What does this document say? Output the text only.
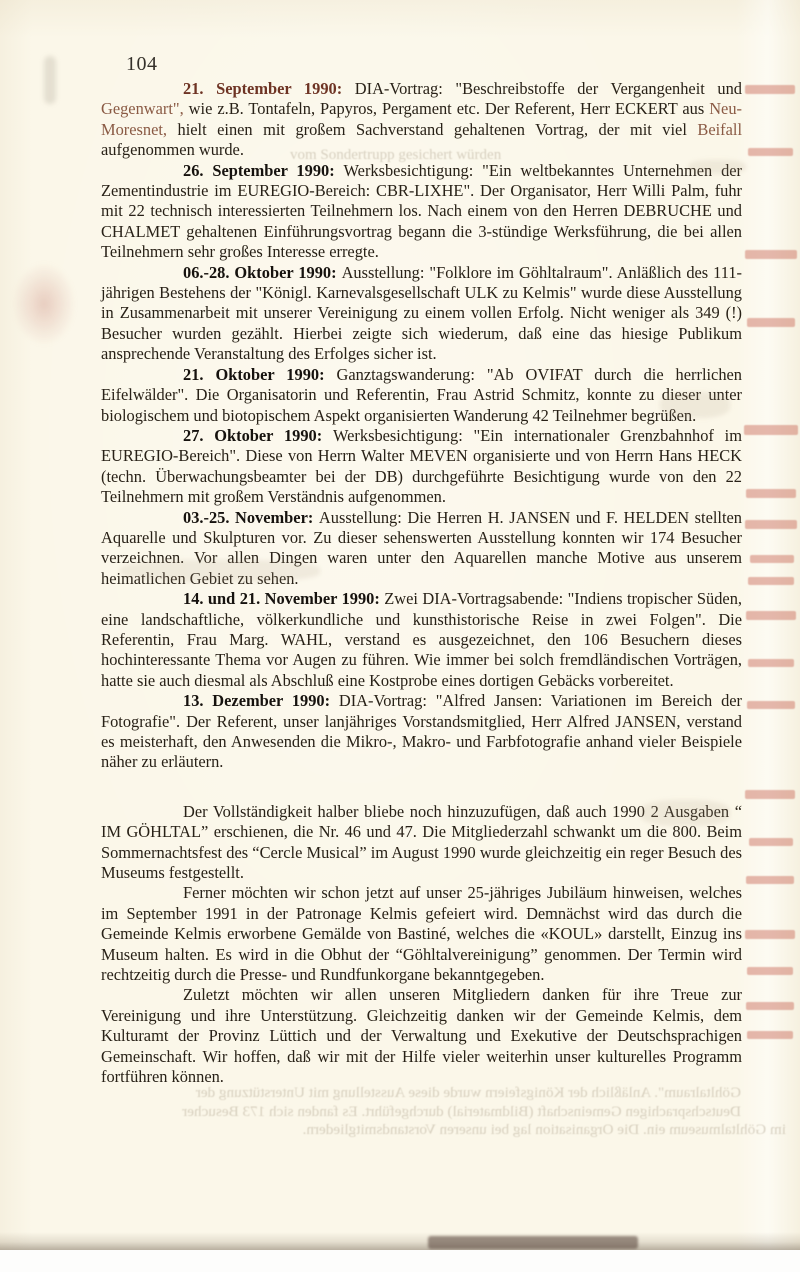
104

21. September 1990: DIA-Vortrag: "Beschreibstoffe der Vergangenheit und Gegenwart", wie z.B. Tontafeln, Papyros, Pergament etc. Der Referent, Herr ECKERT aus Neu-Moresnet, hielt einen mit großem Sachverstand gehaltenen Vortrag, der mit viel Beifall aufgenommen wurde.

26. September 1990: Werksbesichtigung: "Ein weltbekanntes Unternehmen der Zementindustrie im EUREGIO-Bereich: CBR-LIXHE". Der Organisator, Herr Willi Palm, fuhr mit 22 technisch interessierten Teilnehmern los. Nach einem von den Herren DEBRUCHE und CHALMET gehaltenen Einführungsvortrag begann die 3-stündige Werksführung, die bei allen Teilnehmern sehr großes Interesse erregte.

06.-28. Oktober 1990: Ausstellung: "Folklore im Göhltalraum". Anläßlich des 111-jährigen Bestehens der "Königl. Karnevalsgesellschaft ULK zu Kelmis" wurde diese Ausstellung in Zusammenarbeit mit unserer Vereinigung zu einem vollen Erfolg. Nicht weniger als 349 (!) Besucher wurden gezählt. Hierbei zeigte sich wiederum, daß eine das hiesige Publikum ansprechende Veranstaltung des Erfolges sicher ist.

21. Oktober 1990: Ganztagswanderung: "Ab OVIFAT durch die herrlichen Eifelwälder". Die Organisatorin und Referentin, Frau Astrid Schmitz, konnte zu dieser unter biologischem und biotopischem Aspekt organisierten Wanderung 42 Teilnehmer begrüßen.

27. Oktober 1990: Werksbesichtigung: "Ein internationaler Grenzbahnhof im EUREGIO-Bereich". Diese von Herrn Walter MEVEN organisierte und von Herrn Hans HECK (techn. Überwachungsbeamter bei der DB) durchgeführte Besichtigung wurde von den 22 Teilnehmern mit großem Verständnis aufgenommen.

03.-25. November: Ausstellung: Die Herren H. JANSEN und F. HELDEN stellten Aquarelle und Skulpturen vor. Zu dieser sehenswerten Ausstellung konnten wir 174 Besucher verzeichnen. Vor allen Dingen waren unter den Aquarellen manche Motive aus unserem heimatlichen Gebiet zu sehen.

14. und 21. November 1990: Zwei DIA-Vortragsabende: "Indiens tropischer Süden, eine landschaftliche, völkerkundliche und kunsthistorische Reise in zwei Folgen". Die Referentin, Frau Marg. WAHL, verstand es ausgezeichnet, den 106 Besuchern dieses hochinteressante Thema vor Augen zu führen. Wie immer bei solch fremdländischen Vorträgen, hatte sie auch diesmal als Abschluß eine Kostprobe eines dortigen Gebäcks vorbereitet.

13. Dezember 1990: DIA-Vortrag: "Alfred Jansen: Variationen im Bereich der Fotografie". Der Referent, unser lanjähriges Vorstandsmitglied, Herr Alfred JANSEN, verstand es meisterhaft, den Anwesenden die Mikro-, Makro- und Farbfotografie anhand vieler Beispiele näher zu erläutern.

Der Vollständigkeit halber bliebe noch hinzuzufügen, daß auch 1990 2 Ausgaben “ IM GÖHLTAL” erschienen, die Nr. 46 und 47. Die Mitgliederzahl schwankt um die 800. Beim Sommernachtsfest des “Cercle Musical” im August 1990 wurde gleichzeitig ein reger Besuch des Museums festgestellt.

Ferner möchten wir schon jetzt auf unser 25-jähriges Jubiläum hinweisen, welches im September 1991 in der Patronage Kelmis gefeiert wird. Demnächst wird das durch die Gemeinde Kelmis erworbene Gemälde von Bastiné, welches die «KOUL» darstellt, Einzug ins Museum halten. Es wird in die Obhut der “Göhltalvereinigung” genommen. Der Termin wird rechtzeitig durch die Presse- und Rundfunkorgane bekanntgegeben.

Zuletzt möchten wir allen unseren Mitgliedern danken für ihre Treue zur Vereinigung und ihre Unterstützung. Gleichzeitig danken wir der Gemeinde Kelmis, dem Kulturamt der Provinz Lüttich und der Verwaltung und Exekutive der Deutschsprachigen Gemeinschaft. Wir hoffen, daß wir mit der Hilfe vieler weiterhin unser kulturelles Programm fortführen können.

vom Sondertrupp gesichert würden
Göhltalraum". Anläßlich der Königsfeiern wurde diese Ausstellung mit Unterstützung der
Deutschsprachigen Gemeinschaft (Bildmaterial) durchgeführt. Es fanden sich 173 Besucher
im Göhltalmuseum ein. Die Organisation lag bei unseren Vorstandsmitgliedern.
